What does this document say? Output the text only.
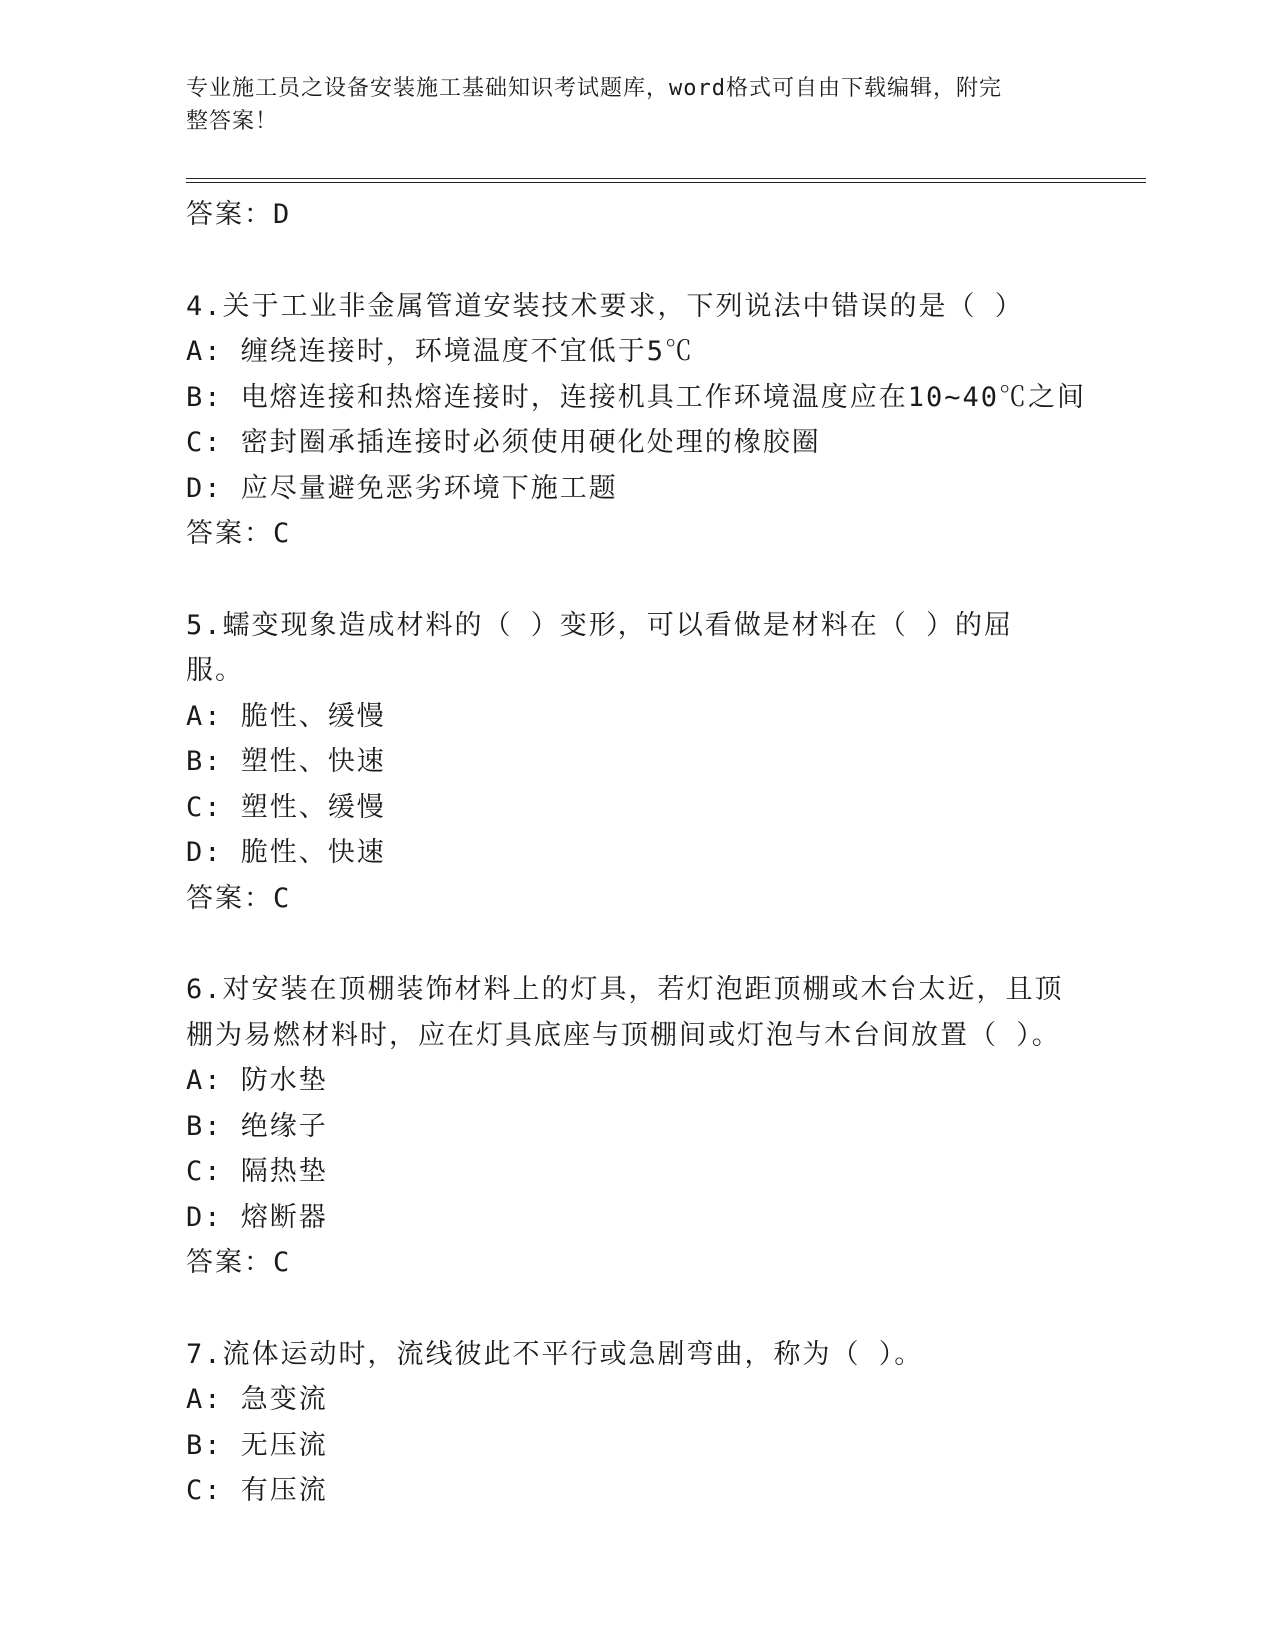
专业施工员之设备安装施工基础知识考试题库，word格式可自由下载编辑，附完
整答案！
答案：D
4.关于工业非金属管道安装技术要求，下列说法中错误的是（ ）
A: 缠绕连接时，环境温度不宜低于5℃
B: 电熔连接和热熔连接时，连接机具工作环境温度应在10~40℃之间
C: 密封圈承插连接时必须使用硬化处理的橡胶圈
D: 应尽量避免恶劣环境下施工题
答案：C
5.蠕变现象造成材料的（ ）变形，可以看做是材料在（ ）的屈服。
A: 脆性、缓慢
B: 塑性、快速
C: 塑性、缓慢
D: 脆性、快速
答案：C
6.对安装在顶棚装饰材料上的灯具，若灯泡距顶棚或木台太近，且顶
棚为易燃材料时，应在灯具底座与顶棚间或灯泡与木台间放置（ ）。
A: 防水垫
B: 绝缘子
C: 隔热垫
D: 熔断器
答案：C
7.流体运动时，流线彼此不平行或急剧弯曲，称为（ ）。
A: 急变流
B: 无压流
C: 有压流
